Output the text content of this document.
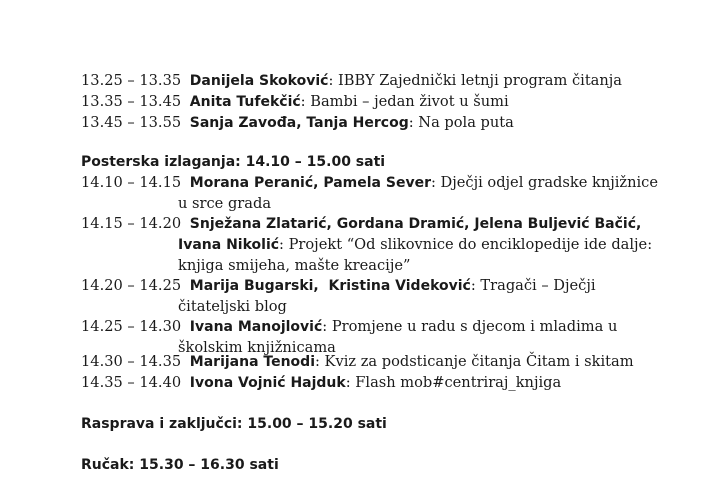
13.25 – 13.35 Danijela Skoković: IBBY Zajednički letnji program čitanja
13.35 – 13.45 Anita Tufekčić: Bambi – jedan život u šumi
13.45 – 13.55 Sanja Zavođa, Tanja Hercog: Na pola puta
Posterska izlaganja: 14.10 – 15.00 sati
14.10 – 14.15 Morana Peranić, Pamela Sever: Dječji odjel gradske knjižnice
u srce grada
14.15 – 14.20 Snježana Zlatarić, Gordana Dramić, Jelena Buljević Bačić,
Ivana Nikolić: Projekt “Od slikovnice do enciklopedije ide dalje:
knjiga smijeha, mašte kreacije”
14.20 – 14.25 Marija Bugarski,  Kristina Videković: Tragači – Dječji
čitateljski blog
14.25 – 14.30 Ivana Manojlović: Promjene u radu s djecom i mladima u
školskim knjižnicama
14.30 – 14.35 Marijana Tenodi: Kviz za podsticanje čitanja Čitam i skitam
14.35 – 14.40 Ivona Vojnić Hajduk: Flash mob#centriraj_knjiga
Rasprava i zaključci: 15.00 – 15.20 sati
Ručak: 15.30 – 16.30 sati
